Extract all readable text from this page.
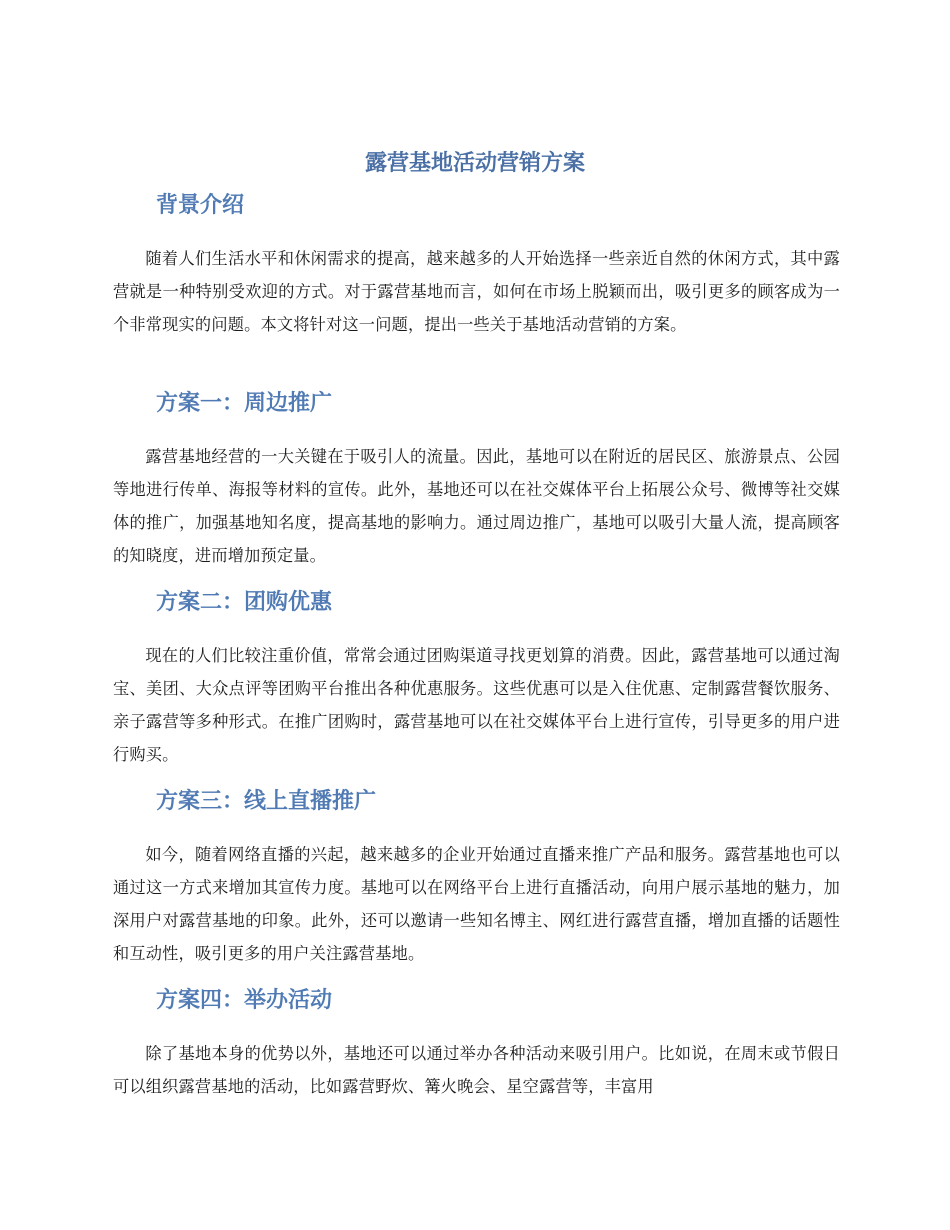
露营基地活动营销方案
背景介绍

随着人们生活水平和休闲需求的提高，越来越多的人开始选择一些亲近自然的休闲方式，其中露营就是一种特别受欢迎的方式。对于露营基地而言，如何在市场上脱颖而出，吸引更多的顾客成为一个非常现实的问题。本文将针对这一问题，提出一些关于基地活动营销的方案。

方案一：周边推广

露营基地经营的一大关键在于吸引人的流量。因此，基地可以在附近的居民区、旅游景点、公园等地进行传单、海报等材料的宣传。此外，基地还可以在社交媒体平台上拓展公众号、微博等社交媒体的推广，加强基地知名度，提高基地的影响力。通过周边推广，基地可以吸引大量人流，提高顾客的知晓度，进而增加预定量。

方案二：团购优惠

现在的人们比较注重价值，常常会通过团购渠道寻找更划算的消费。因此，露营基地可以通过淘宝、美团、大众点评等团购平台推出各种优惠服务。这些优惠可以是入住优惠、定制露营餐饮服务、亲子露营等多种形式。在推广团购时，露营基地可以在社交媒体平台上进行宣传，引导更多的用户进行购买。

方案三：线上直播推广

如今，随着网络直播的兴起，越来越多的企业开始通过直播来推广产品和服务。露营基地也可以通过这一方式来增加其宣传力度。基地可以在网络平台上进行直播活动，向用户展示基地的魅力，加深用户对露营基地的印象。此外，还可以邀请一些知名博主、网红进行露营直播，增加直播的话题性和互动性，吸引更多的用户关注露营基地。

方案四：举办活动

除了基地本身的优势以外，基地还可以通过举办各种活动来吸引用户。比如说，在周末或节假日可以组织露营基地的活动，比如露营野炊、篝火晚会、星空露营等，丰富用
